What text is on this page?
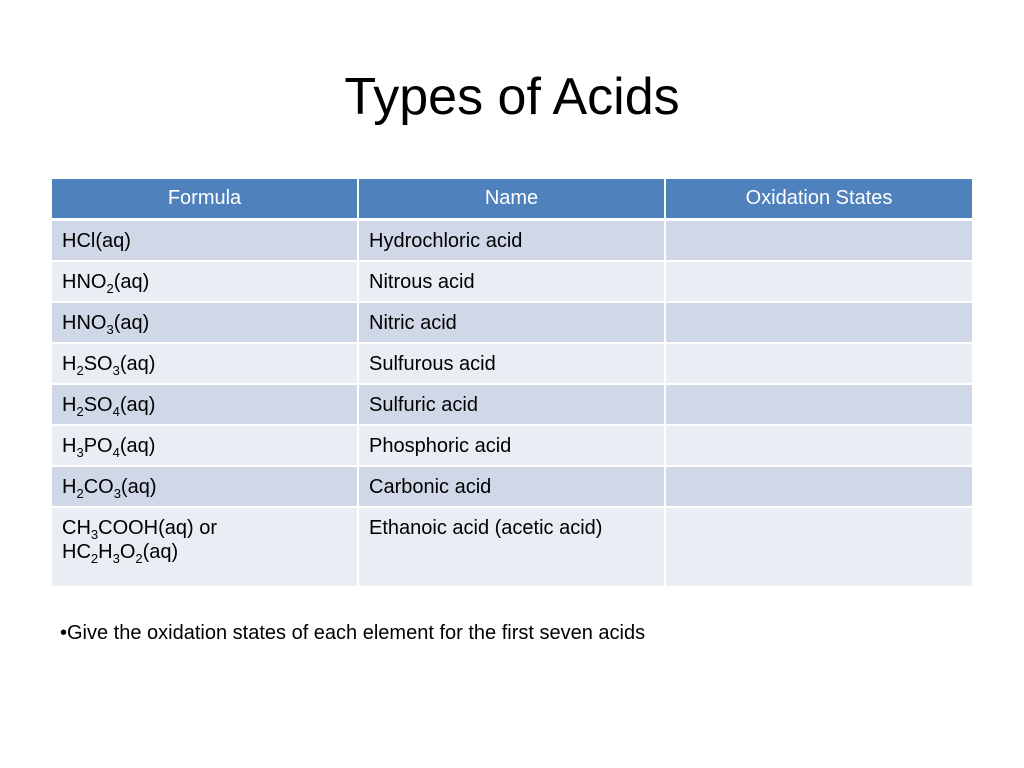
Types of Acids
Formula	Name	Oxidation States
HCl(aq)	Hydrochloric acid	
$HNO_2(aq)$	Nitrous acid	
$HNO_3(aq)$	Nitric acid	
$H_2SO_3(aq)$	Sulfurous acid	
$H_2SO_4(aq)$	Sulfuric acid	
$H_3PO_4(aq)$	Phosphoric acid	
$H_2CO_3(aq)$	Carbonic acid	
$CH_3COOH(aq)$ or
$HC_2H_3O_2(aq)$	Ethanoic acid (acetic acid)	
•Give the oxidation states of each element for the first seven acids
